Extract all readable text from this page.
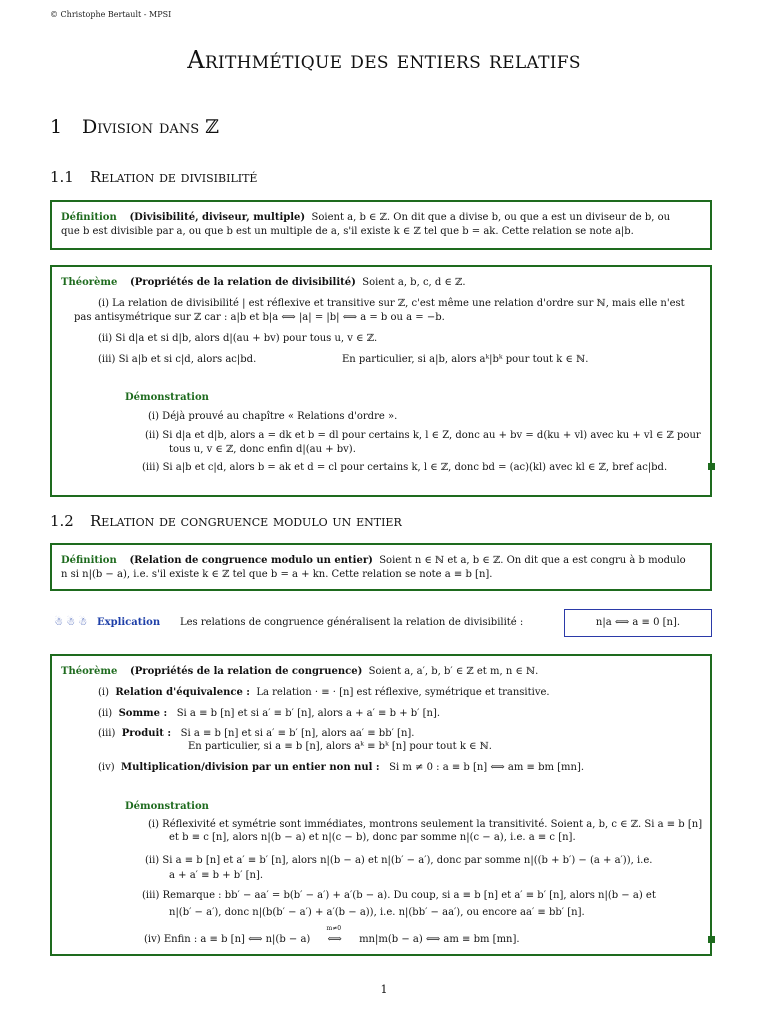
© Christophe Bertault - MPSI
Arithmétique des entiers relatifs
1 Division dans ℤ
1.1 Relation de divisibilité
Définition (Divisibilité, diviseur, multiple) Soient a, b ∈ ℤ. On dit que a divise b, ou que a est un diviseur de b, ou
que b est divisible par a, ou que b est un multiple de a, s'il existe k ∈ ℤ tel que b = ak. Cette relation se note a|b.
Théorème (Propriétés de la relation de divisibilité) Soient a, b, c, d ∈ ℤ.
(i) La relation de divisibilité | est réflexive et transitive sur ℤ, c'est même une relation d'ordre sur ℕ, mais elle n'est
pas antisymétrique sur ℤ car : a|b et b|a ⟺ |a| = |b| ⟺ a = b ou a = −b.
(ii) Si d|a et si d|b, alors d|(au + bv) pour tous u, v ∈ ℤ.
(iii) Si a|b et si c|d, alors ac|bd.	En particulier, si a|b, alors aᵏ|bᵏ pour tout k ∈ ℕ.
Démonstration
(i) Déjà prouvé au chapître « Relations d'ordre ».
(ii) Si d|a et d|b, alors a = dk et b = dl pour certains k, l ∈ Z, donc au + bv = d(ku + vl) avec ku + vl ∈ ℤ pour
tous u, v ∈ ℤ, donc enfin d|(au + bv).
(iii) Si a|b et c|d, alors b = ak et d = cl pour certains k, l ∈ ℤ, donc bd = (ac)(kl) avec kl ∈ ℤ, bref ac|bd.
1.2 Relation de congruence modulo un entier
Définition (Relation de congruence modulo un entier) Soient n ∈ ℕ et a, b ∈ ℤ. On dit que a est congru à b modulo
n si n|(b − a), i.e. s'il existe k ∈ ℤ tel que b = a + kn. Cette relation se note a ≡ b [n].
☃ ☃ ☃ Explication Les relations de congruence généralisent la relation de divisibilité :	n|a ⟺ a ≡ 0 [n].
Théorème (Propriétés de la relation de congruence) Soient a, a′, b, b′ ∈ ℤ et m, n ∈ ℕ.
(i) Relation d'équivalence : La relation · ≡ · [n] est réflexive, symétrique et transitive.
(ii) Somme : Si a ≡ b [n] et si a′ ≡ b′ [n], alors a + a′ ≡ b + b′ [n].
(iii) Produit : Si a ≡ b [n] et si a′ ≡ b′ [n], alors aa′ ≡ bb′ [n].
En particulier, si a ≡ b [n], alors aᵏ ≡ bᵏ [n] pour tout k ∈ ℕ.
(iv) Multiplication/division par un entier non nul : Si m ≠ 0 : a ≡ b [n] ⟺ am ≡ bm [mn].
Démonstration
(i) Réflexivité et symétrie sont immédiates, montrons seulement la transitivité. Soient a, b, c ∈ ℤ. Si a ≡ b [n]
et b ≡ c [n], alors n|(b − a) et n|(c − b), donc par somme n|(c − a), i.e. a ≡ c [n].
(ii) Si a ≡ b [n] et a′ ≡ b′ [n], alors n|(b − a) et n|(b′ − a′), donc par somme n|((b + b′) − (a + a′)), i.e.
a + a′ ≡ b + b′ [n].
(iii) Remarque : bb′ − aa′ = b(b′ − a′) + a′(b − a). Du coup, si a ≡ b [n] et a′ ≡ b′ [n], alors n|(b − a) et
n|(b′ − a′), donc n|(b(b′ − a′) + a′(b − a)), i.e. n|(bb′ − aa′), ou encore aa′ ≡ bb′ [n].
(iv) Enfin : a ≡ b [n] ⟺ n|(b − a)
m≠0
⟺ mn|m(b − a) ⟺ am ≡ bm [mn].
1
